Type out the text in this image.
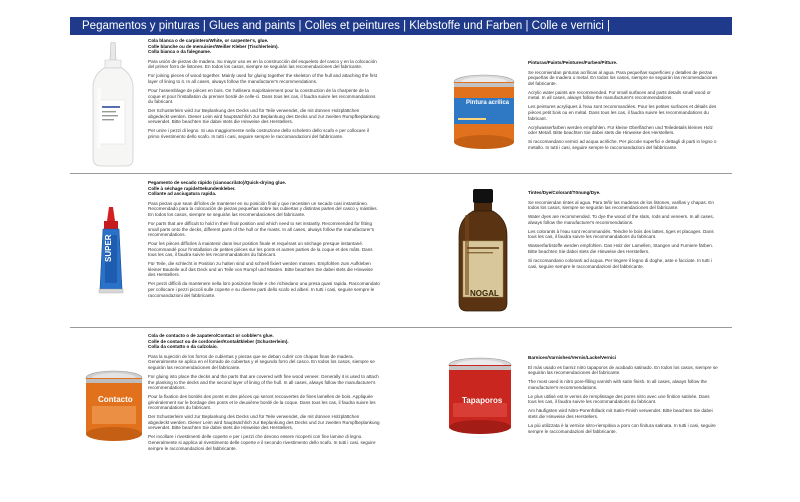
Pegamentos y pinturas | Glues and paints | Colles et peintures | Klebstoffe und Farben | Colle e vernici |
SUPER
Contacto
Pintura acrílica
NOGAL
Tapaporos
Cola blanca o de carpintero/White, or carpenter's, glue.
Colle blanche ou de menuisier/Weißer Kleber (Tischlerleim).
Colla bianca o da falegname.

Para unión de piezas de madera. Su mayor uso es en la construcción del esqueleto del casco y en la colocación del primer forro de listones. En todos los casos, siempre se seguirán las recomendaciones del fabricante.

For joining pieces of wood together. Mainly used for gluing together the skeleton of the hull and attaching the first layer of lining to it. In all cases, always follow the manufacturer's recommendations.

Pour l'assemblage de pièces en bois. On l'utilisera majoritairement pour la construction de la charpente de la coque et pour l'installation du premier bordé de celle-ci. Dans tous les cas, il faudra suivre les recommandations du fabricant.

Der Schusterleim wird zur Beplankung des Decks und für Teile verwendet, die mit dünnen Holzplättchen abgedeckt werden. Dieser Leim wird hauptsächlich zur Beplankung des Decks und zur zweiten Rumpfbeplankung verwendet. Bitte beachten Sie dabei stets die Hinweise des Herstellers.

Per unire i pezzi di legno. Si usa maggiormente nella costruzione dello scheletro dello scafo e per collocare il primo rivestimento dello scafo. In tutti i casi, seguire sempre le raccomandazioni del fabbricante.

Pegamento de secado rápido (cianoacrilato)/Quick-drying glue.
Colle à séchage rapide/Sekundenkleber.
Collante ad asciugatura rapida.

Para piezas que sean difíciles de mantener en su posición final y que necesiten un secado casi instantáneo. Recomendado para la colocación de piezas pequeñas sobre las cubiertas y distintas partes del casco y mástiles. En todos los casos, siempre se seguirán las recomendaciones del fabricante.

For parts that are difficult to hold in their final position and which need to set instantly. Recommended for fitting small parts onto the decks, different parts of the hull or the masts. In all cases, always follow the manufacturer's recommendations.

Pour les pièces difficiles à maintenir dans leur position finale et requérant un séchage presque instantané. Recommandé pour l'installation de petites pièces sur les ponts et autres parties de la coque et des mâts. Dans tous les cas, il faudra suivre les recommandations du fabricant.

Für Teile, die schlecht in Position zu halten sind und schnell fixiert werden müssen. Empfohlen zum Aufkleben kleiner Bauteile auf das Deck und an Teile von Rumpf und Masten. Bitte beachten Sie dabei stets die Hinweise des Herstellers.

Per pezzi difficili da mantenere nella loro posizione finale e che richiedano una presa quasi rapida. Raccomandato per collocare i pezzi piccoli sulle coperte e su diverse parti dello scafo ed alberi. In tutti i casi, seguire sempre le raccomandazioni del fabbricante.

Cola de contacto o de zapatero/Contact or cobbler's glue.
Colle de contact ou de cordonnier/Kontaktkleber (Schusterleim).
Colla da contatto o da calzolaio.

Para la sujeción de los forros de cubiertas y piezas que se deban cubrir con chapas finas de madera. Generalmente se aplica en el forrado de cubiertas y el segundo forro del casco. En todos los casos, siempre se seguirán las recomendaciones del fabricante.

For gluing into place the decks and the parts that are covered with fine wood veneer. Generally it is used to attach the planking to the decks and the second layer of lining of the hull. In all cases, always follow the manufacturer's recommendations.

Pour la fixation des bordés des ponts et des pièces qui seront recouvertes de fines lamelles de bois. Appliquée généralement sur le bordage des ponts et le deuxième bordé de la coque. Dans tous les cas, il faudra suivre les recommandations du fabricant.

Der Schusterleim wird zur Beplankung des Decks und für Teile verwendet, die mit dünnen Holzplättchen abgedeckt werden. Dieser Leim wird hauptsächlich zur Beplankung des Decks und zur zweiten Rumpfbeplankung verwendet. Bitte beachten Sie dabei stets die Hinweise des Herstellers.

Per incollare i rivestimenti delle coperte e per i pezzi che devono essere ricoperti con fine lamine di legno. Generalmente si applica al rivestimento delle coperte e il secondo rivestimento dello scafo. In tutti i casi, seguire sempre le raccomandazioni del fabbricante.

Pinturas/Paints/Peintures/Farben/Pitture.

Se recomiendan pinturas acrílicas al agua. Para pequeñas superficies y detalles de piezas pequeñas de madera o metal. En todos los casos, siempre se seguirán las recomendaciones del fabricante.

Acrylic water paints are recommended. For small surfaces and parts details small wood or metal. In all cases, always follow the manufacturer's recommendations.

Les peintures acryliques à l'eau sont recommandées. Pour les petites surfaces et détails des pièces petit bois ou en métal. Dans tous les cas, il faudra suivre les recommandations du fabricant.

Acrylwasserfarben werden empfohlen. Für kleine Oberflächen und Teiledetails kleines Holz oder Metall. Bitte beachten Sie dabei stets die Hinweise des Herstellers.

Si raccomandano vernici ad acqua acriliche. Per piccole superfici e dettagli di parti in legno o metallo. In tutti i casi, seguire sempre le raccomandazioni del fabbricante.

Tintes/Dye/Colorant/Tönung/Dye.

Se recomiendan tintes al agua. Para teñir las maderas de los listones, varillas y chapas. En todos los casos, siempre se seguirán las recomendaciones del fabricante.

Water dyes are recommended. To dye the wood of the slats, rods and veneers. In all cases, always follow the manufacturer's recommendations.

Les colorants à l'eau sont recommandés. Teindre le bois des lattes, tiges et placages. Dans tous les cas, il faudra suivre les recommandations du fabricant.

Wasserfarbstoffe werden empfohlen. Das Holz der Lamellen, Stangen und Furniere färben. Bitte beachten Sie dabei stets die Hinweise des Herstellers.

Si raccomandano coloranti ad acqua. Per tingere il legno di doghe, aste e facciate. In tutti i casi, seguire sempre le raccomandazioni del fabbricante.

Barnices/Varnishes/Vernis/Lacke/Vernici

El más usado es barniz nitro tapaporos de acabado satinado. En todos los casos, siempre se seguirán las recomendaciones del fabricante.

The most used is nitro pore-filling varnish with satin finish. In all cases, always follow the manufacturer's recommendations.

Le plus utilisé est le vernis de remplissage des pores nitro avec une finition satinée. Dans tous les cas, il faudra suivre les recommandations du fabricant.

Am häufigsten wird Nitro-Porenfüllack mit Satin-Finish verwendet. Bitte beachten Sie dabei stets die Hinweise des Herstellers.

La più utilizzata è la vernice nitro-riempitiva a poro con finitura satinata. In tutti i casi, seguire sempre le raccomandazioni del fabbricante.
